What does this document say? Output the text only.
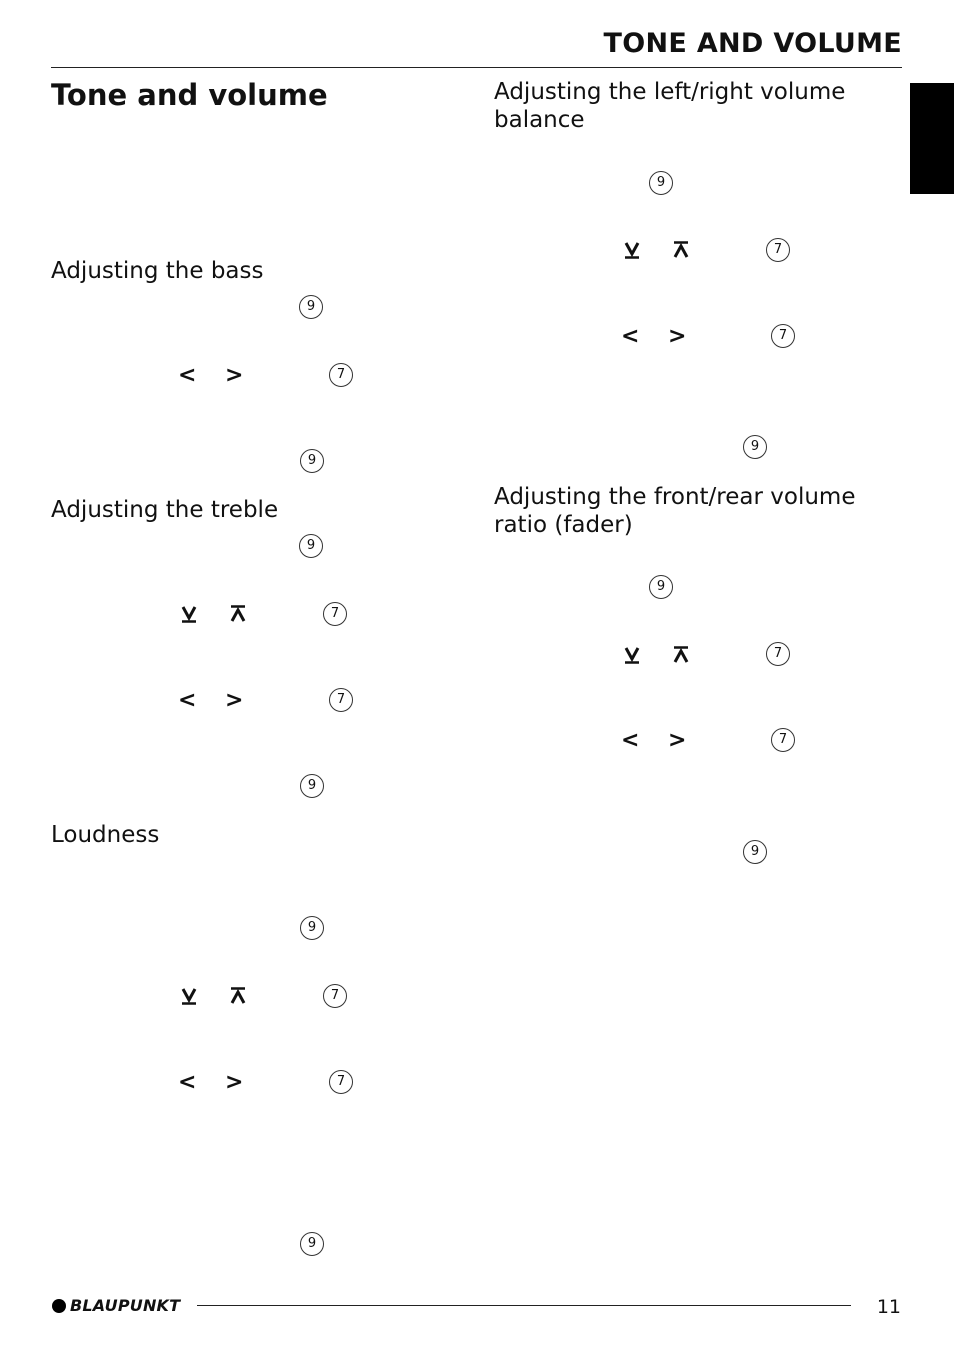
TONE AND VOLUME
Tone and volume
Adjusting the bass
9
< >	7
9
Adjusting the treble
9
7
< >	7
9
Loudness
9
7
< >	7
9
Adjusting the left/right volume
balance
9
7
< >	7
9
Adjusting the front/rear volume
ratio (fader)
9
7
< >	7
9
BLAUPUNKT	11
